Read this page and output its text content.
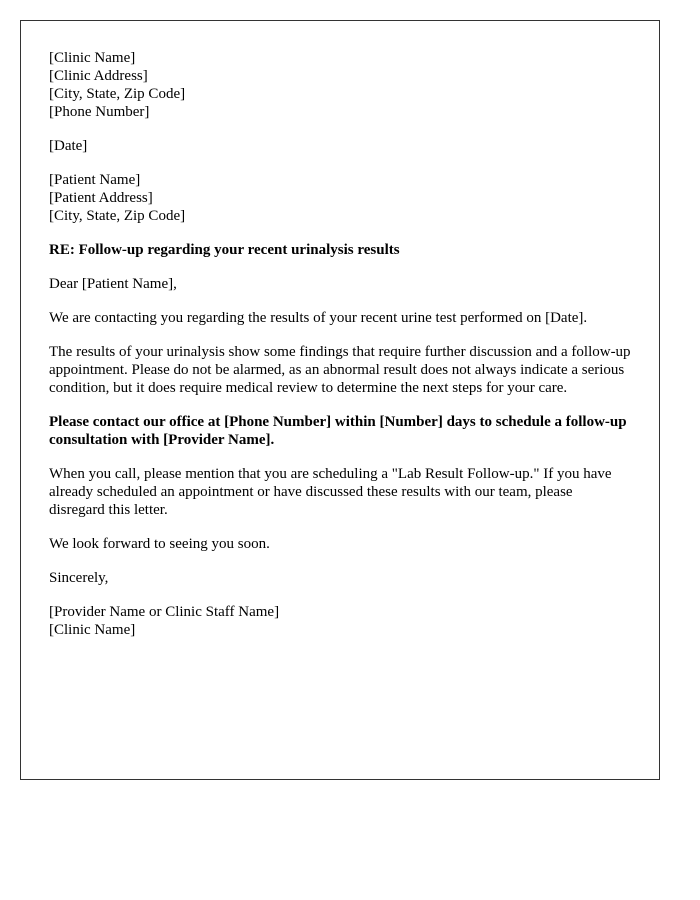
[Clinic Name]
[Clinic Address]
[City, State, Zip Code]
[Phone Number]
[Date]
[Patient Name]
[Patient Address]
[City, State, Zip Code]

RE: Follow-up regarding your recent urinalysis results

Dear [Patient Name],

We are contacting you regarding the results of your recent urine test performed on [Date].

The results of your urinalysis show some findings that require further discussion and a follow-up appointment. Please do not be alarmed, as an abnormal result does not always indicate a serious condition, but it does require medical review to determine the next steps for your care.

Please contact our office at [Phone Number] within [Number] days to schedule a follow-up consultation with [Provider Name].

When you call, please mention that you are scheduling a "Lab Result Follow-up." If you have already scheduled an appointment or have discussed these results with our team, please disregard this letter.

We look forward to seeing you soon.

Sincerely,

[Provider Name or Clinic Staff Name]
[Clinic Name]
